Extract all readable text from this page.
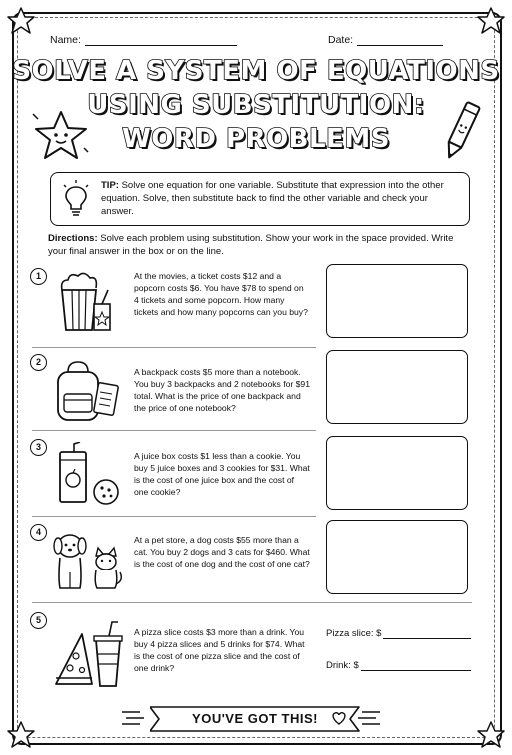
Name:	Date:
SOLVE A SYSTEM OF EQUATIONS
USING SUBSTITUTION:
WORD PROBLEMS
TIP: Solve one equation for one variable. Substitute that expression into the other equation. Solve, then substitute back to find the other variable and check your answer.
Directions: Solve each problem using substitution. Show your work in the space provided. Write your final answer in the box or on the line.
1	At the movies, a ticket costs $12 and a popcorn costs $6. You have $78 to spend on 4 tickets and some popcorn. How many tickets and how many popcorns can you buy?
2
A backpack costs $5 more than a notebook. You buy 3 backpacks and 2 notebooks for $91 total. What is the price of one backpack and the price of one notebook?
3
A juice box costs $1 less than a cookie. You buy 5 juice boxes and 3 cookies for $31. What is the cost of one juice box and the cost of one cookie?
4
At a pet store, a dog costs $55 more than a cat. You buy 2 dogs and 3 cats for $460. What is the cost of one dog and the cost of one cat?
5
A pizza slice costs $3 more than a drink. You buy 4 pizza slices and 5 drinks for $74. What is the cost of one pizza slice and the cost of one drink?
Pizza slice: $
Drink: $
YOU'VE GOT THIS!
